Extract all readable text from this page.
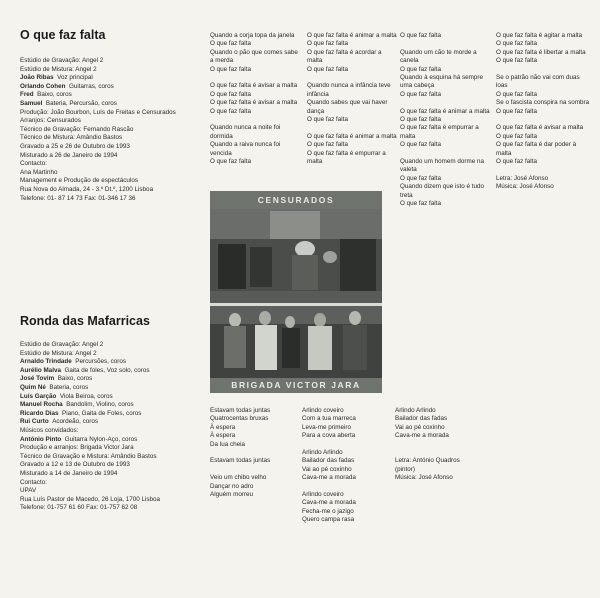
O que faz falta
Estúdio de Gravação: Angel 2
Estúdio de Mistura: Angel 2
João Ribas Voz principal
Orlando Cohen Guitarras, coros
Fred Baixo, coros
Samuel Bateria, Percursão, coros
Produção: João Bourbon, Luís de Freitas e Censurados
Arranjos: Censurados
Técnico de Gravação: Fernando Rascão
Técnico de Mistura: Amândio Bastos
Gravado a 25 e 26 de Outubro de 1993
Misturado a 26 de Janeiro de 1994
Contacto:
Ana Martinho
Management e Produção de espectáculos
Rua Nova do Almada, 24 - 3.º Dt.º, 1200 Lisboa
Telefone: 01- 87 14 73 Fax: 01-346 17 36
Ronda das Mafarricas
Estúdio de Gravação: Angel 2
Estúdio de Mistura: Angel 2
Arnaldo Trindade Percursões, coros
Aurélio Malva Gaita de foles, Voz solo, coros
José Tovim Baixo, coros
Quim Né Bateria, coros
Luís Garção Viola Beiroa, coros
Manuel Rocha Bandolim, Violino, coros
Ricardo Dias Piano, Gaita de Foles, coros
Rui Curto Acordeão, coros
Músicos convidados:
António Pinto Guitarra Nylon-Aço, coros
Produção e arranjos: Brigada Victor Jara
Técnico de Gravação e Mistura: Amândio Bastos
Gravado a 12 e 13 de Outubro de 1993
Misturado a 14 de Janeiro de 1994
Contacto:
UPAV
Rua Luís Pastor de Macedo, 26 Loja, 1700 Lisboa
Telefone: 01-757 61 60 Fax: 01-757 62 08
Quando a corja topa da janela
O que faz falta
Quando o pão que comes sabe
a merda
O que faz falta
O que faz falta é avisar a malta
O que faz falta
O que faz falta é avisar a malta
O que faz falta
Quando nunca a noite foi
dormida
Quando a raiva nunca foi
vencida
O que faz falta
O que faz falta é animar a malta
O que faz falta
O que faz falta é acordar a
malta
O que faz falta
Quando nunca a infância teve
infância
Quando sabes que vai haver
dança
O que faz falta
O que faz falta é animar a malta
O que faz falta
O que faz falta é empurrar a
malta
O que faz falta
Quando um cão te morde a
canela
O que faz falta
Quando à esquina há sempre
uma cabeça
O que faz falta
O que faz falta é animar a malta
O que faz falta
O que faz falta é empurrar a
malta
O que faz falta
Quando um homem dorme na
valeta
O que faz falta
Quando dizem que isto é tudo
treta
O que faz falta
O que faz falta é agitar a malta
O que faz falta
O que faz falta é libertar a malta
O que faz falta
Se o patrão não vai com duas
loas
O que faz falta
Se o fascista conspira na sombra
O que faz falta
O que faz falta é avisar a malta
O que faz falta
O que faz falta é dar poder à
malta
O que faz falta
Letra: José Afonso
Música: José Afonso
CENSURADOS
BRIGADA VICTOR JARA
Estavam todas juntas
Quatrocentas bruxas
À espera
À espera
Da lua cheia
Estavam todas juntas
Veio um chibo velho
Dançar no adro
Alguém morreu
Arlindo coveiro
Com a tua marreca
Leva-me primeiro
Para a cova aberta
Arlindo Arlindo
Bailador das fadas
Vai ao pé coxinho
Cava-me a morada
Arlindo coveiro
Cava-me a morada
Fecha-me o jazigo
Quero campa rasa
Arlindo Arlindo
Bailador das fadas
Vai ao pé coxinho
Cava-me a morada
Letra: António Quadros
(pintor)
Música: José Afonso
